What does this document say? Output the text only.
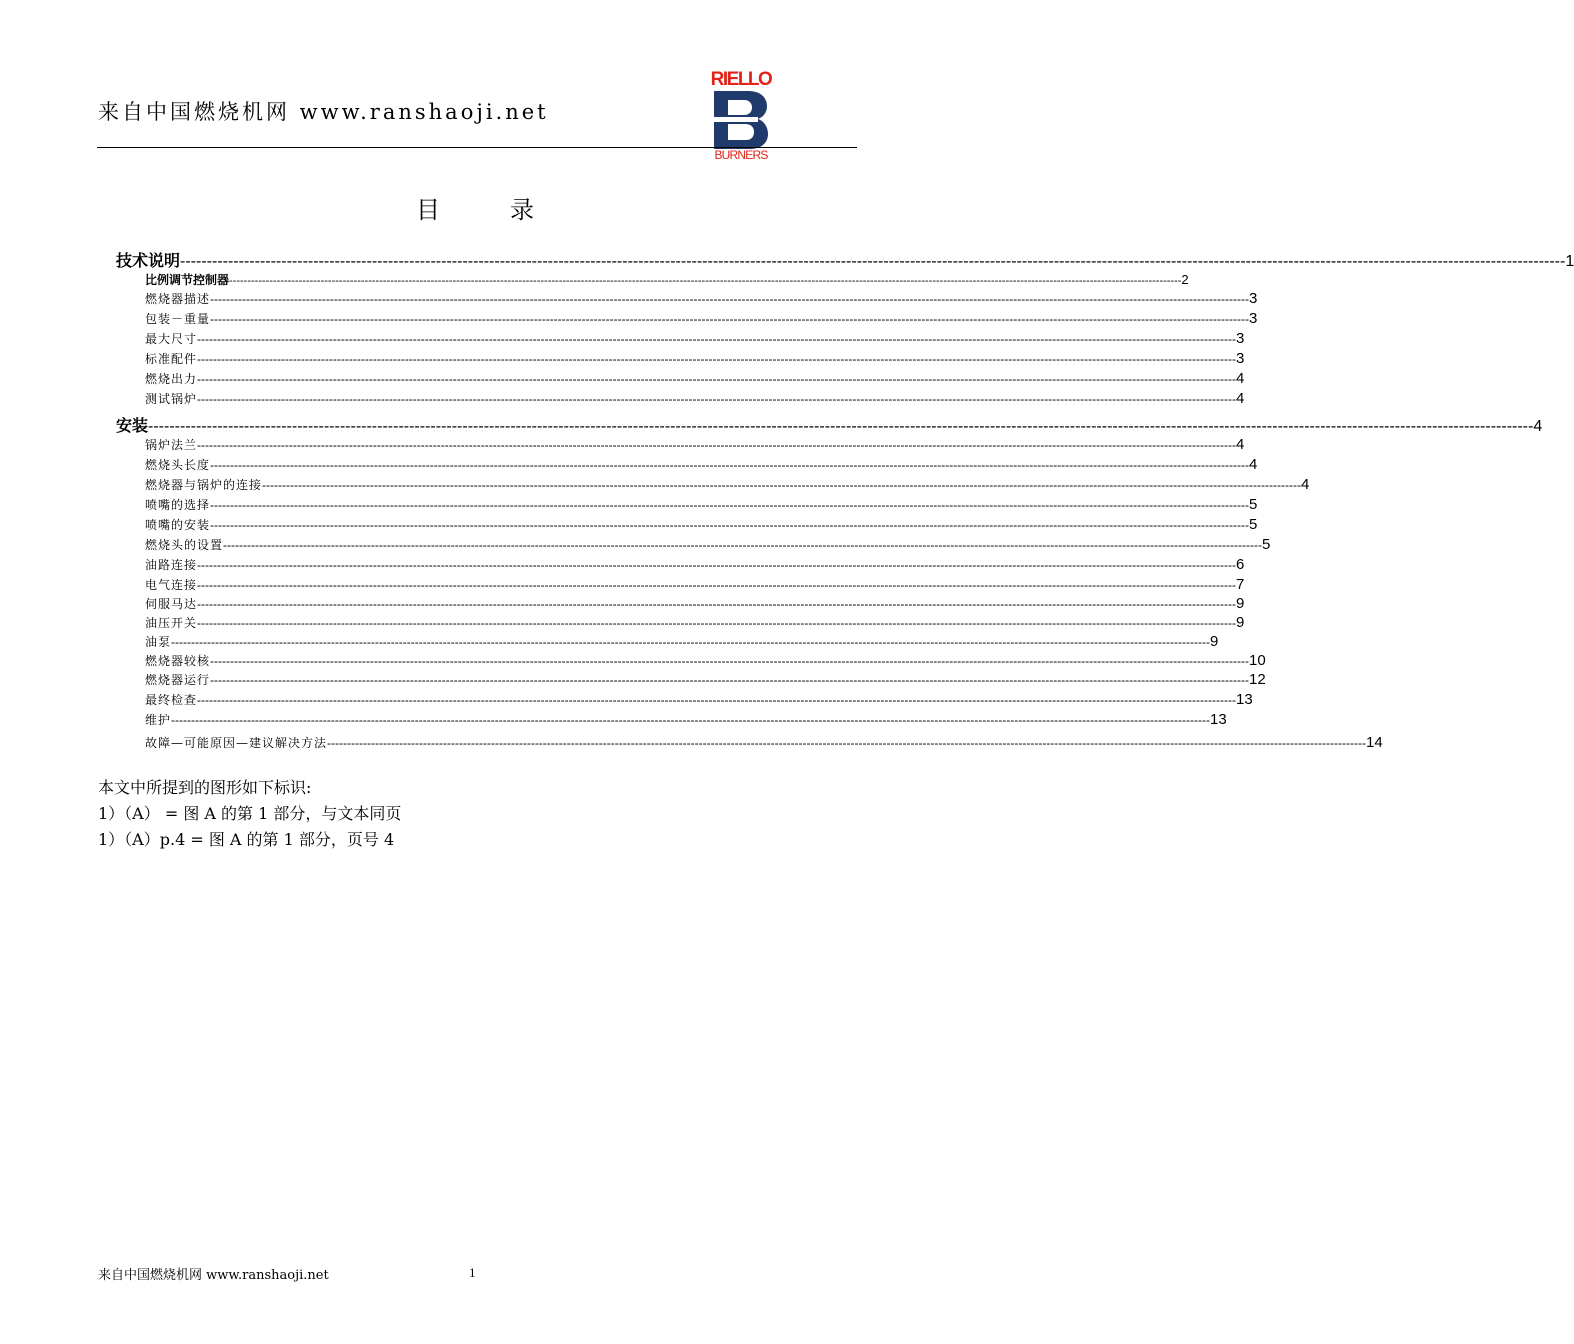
来自中国燃烧机网 www.ranshaoji.net
RIELLO
BURNERS
目	录
技术说明 -------------------------------------------------------------------------------------------------------------------------------------------------------------------------------------------------------------------------------------------------------------------- 1
比例调节控制器 -------------------------------------------------------------------------------------------------------------------------------------------------------------------------------------------------------------------------------------------------------------------- 2
燃烧器描述 -------------------------------------------------------------------------------------------------------------------------------------------------------------------------------------------------------------------------------------------------------------------- 3
包装－重量 -------------------------------------------------------------------------------------------------------------------------------------------------------------------------------------------------------------------------------------------------------------------- 3
最大尺寸 -------------------------------------------------------------------------------------------------------------------------------------------------------------------------------------------------------------------------------------------------------------------- 3
标准配件 -------------------------------------------------------------------------------------------------------------------------------------------------------------------------------------------------------------------------------------------------------------------- 3
燃烧出力 -------------------------------------------------------------------------------------------------------------------------------------------------------------------------------------------------------------------------------------------------------------------- 4
测试锅炉 -------------------------------------------------------------------------------------------------------------------------------------------------------------------------------------------------------------------------------------------------------------------- 4
安装 -------------------------------------------------------------------------------------------------------------------------------------------------------------------------------------------------------------------------------------------------------------------- 4
锅炉法兰 -------------------------------------------------------------------------------------------------------------------------------------------------------------------------------------------------------------------------------------------------------------------- 4
燃烧头长度 -------------------------------------------------------------------------------------------------------------------------------------------------------------------------------------------------------------------------------------------------------------------- 4
燃烧器与锅炉的连接 -------------------------------------------------------------------------------------------------------------------------------------------------------------------------------------------------------------------------------------------------------------------- 4
喷嘴的选择 -------------------------------------------------------------------------------------------------------------------------------------------------------------------------------------------------------------------------------------------------------------------- 5
喷嘴的安装 -------------------------------------------------------------------------------------------------------------------------------------------------------------------------------------------------------------------------------------------------------------------- 5
燃烧头的设置 -------------------------------------------------------------------------------------------------------------------------------------------------------------------------------------------------------------------------------------------------------------------- 5
油路连接 -------------------------------------------------------------------------------------------------------------------------------------------------------------------------------------------------------------------------------------------------------------------- 6
电气连接 -------------------------------------------------------------------------------------------------------------------------------------------------------------------------------------------------------------------------------------------------------------------- 7
伺服马达 -------------------------------------------------------------------------------------------------------------------------------------------------------------------------------------------------------------------------------------------------------------------- 9
油压开关 -------------------------------------------------------------------------------------------------------------------------------------------------------------------------------------------------------------------------------------------------------------------- 9
油泵 -------------------------------------------------------------------------------------------------------------------------------------------------------------------------------------------------------------------------------------------------------------------- 9
燃烧器较核 -------------------------------------------------------------------------------------------------------------------------------------------------------------------------------------------------------------------------------------------------------------------- 10
燃烧器运行 -------------------------------------------------------------------------------------------------------------------------------------------------------------------------------------------------------------------------------------------------------------------- 12
最终检查 -------------------------------------------------------------------------------------------------------------------------------------------------------------------------------------------------------------------------------------------------------------------- 13
维护 -------------------------------------------------------------------------------------------------------------------------------------------------------------------------------------------------------------------------------------------------------------------- 13
故障—可能原因—建议解决方法 -------------------------------------------------------------------------------------------------------------------------------------------------------------------------------------------------------------------------------------------------------------------- 14
本文中所提到的图形如下标识:
1）（A） = 图 A 的第 1 部分，与文本同页
1）（A）p.4 = 图 A 的第 1 部分，页号 4
来自中国燃烧机网 www.ranshaoji.net	1
